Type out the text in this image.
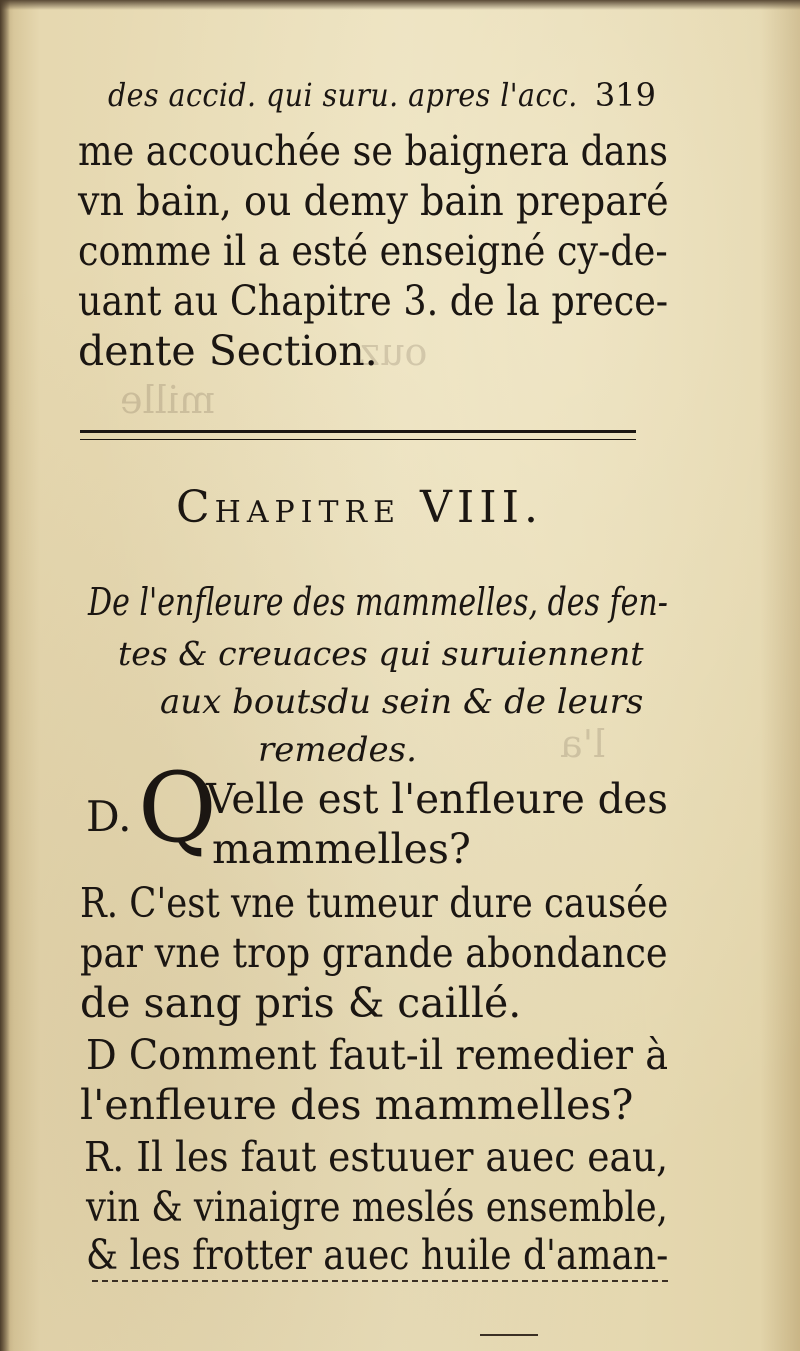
ouz
mille
l'a
des accid. qui suru. apres l'acc. 319
me accouchée se baignera dans
vn bain, ou demy bain preparé
comme il a esté enseigné cy-de-
uant au Chapitre 3. de la prece-
dente Section.
CHAPITRE VIII.
De l'enfleure des mammelles, des fen-
tes & creuaces qui suruiennent
aux boutsdu sein & de leurs
remedes.
D. Q
Velle est l'enfleure des
mammelles?
R. C'est vne tumeur dure causée
par vne trop grande abondance
de sang pris & caillé.
D Comment faut-il remedier à
l'enfleure des mammelles?
R. Il les faut estuuer auec eau,
vin & vinaigre meslés ensemble,
& les frotter auec huile d'aman-
